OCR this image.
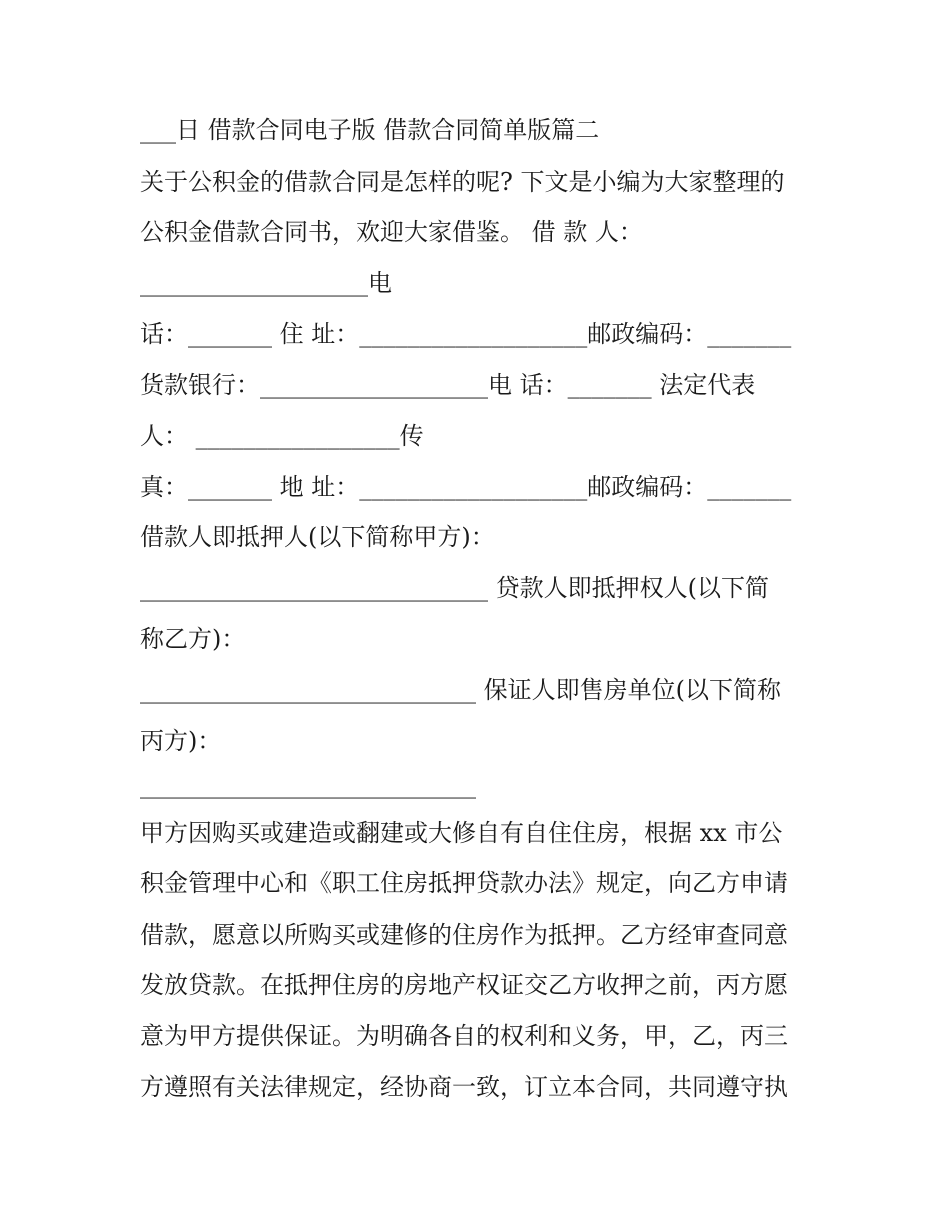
___日 借款合同电子版 借款合同简单版篇二
关于公积金的借款合同是怎样的呢? 下文是小编为大家整理的
公积金借款合同书，欢迎大家借鉴。 借 款 人：
___________________电
话：_______ 住 址：___________________邮政编码：_______
货款银行：___________________电 话：_______ 法定代表
人： _________________传
真：_______ 地 址：___________________邮政编码：_______
借款人即抵押人(以下简称甲方)：
_____________________________ 贷款人即抵押权人(以下简
称乙方)：
____________________________ 保证人即售房单位(以下简称
丙方)：
____________________________
甲方因购买或建造或翻建或大修自有自住住房，根据 xx 市公
积金管理中心和《职工住房抵押贷款办法》规定，向乙方申请
借款，愿意以所购买或建修的住房作为抵押。乙方经审查同意
发放贷款。在抵押住房的房地产权证交乙方收押之前，丙方愿
意为甲方提供保证。为明确各自的权利和义务，甲，乙，丙三
方遵照有关法律规定，经协商一致，订立本合同，共同遵守执
